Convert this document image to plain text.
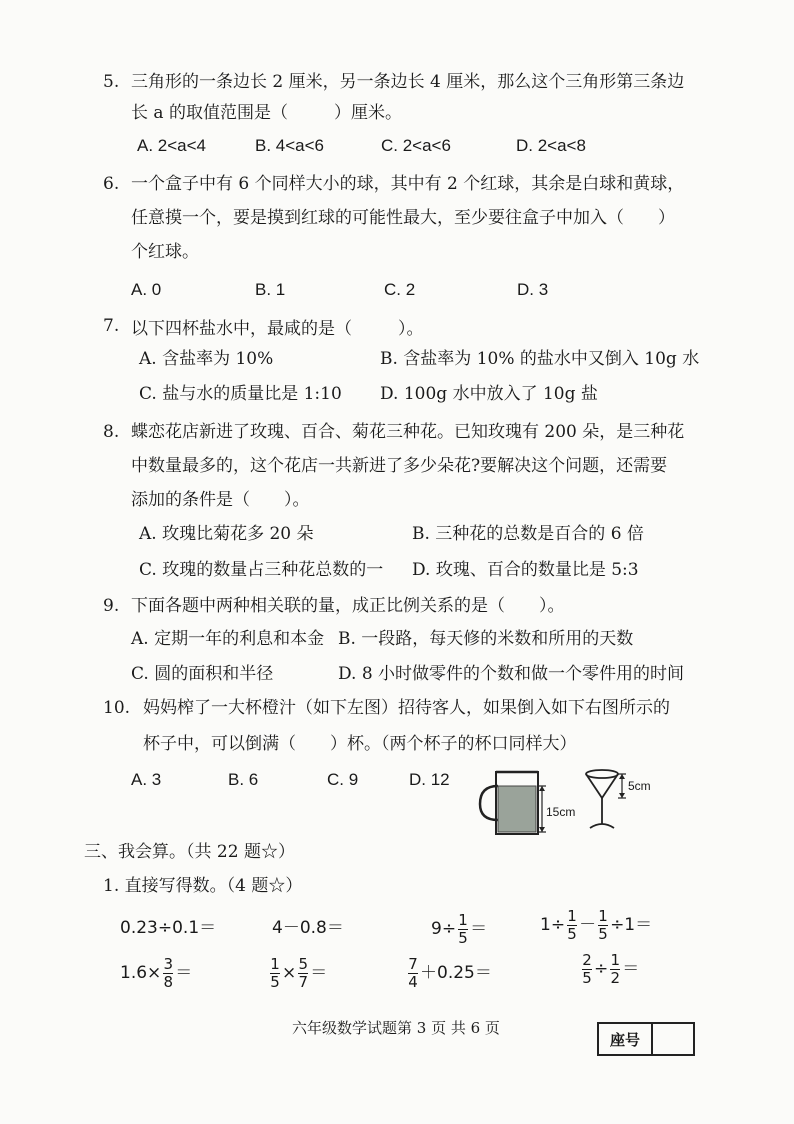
5. 三角形的一条边长 2 厘米，另一条边长 4 厘米，那么这个三角形第三条边
长 a 的取值范围是（	）厘米。
A. 2<a<4	B. 4<a<6	C. 2<a<6	D. 2<a<8
6. 一个盒子中有 6 个同样大小的球，其中有 2 个红球，其余是白球和黄球，
任意摸一个，要是摸到红球的可能性最大，至少要往盒子中加入（　　）
个红球。
A. 0	B. 1	C. 2	D. 3
7. 以下四杯盐水中，最咸的是（	）。
A. 含盐率为 10%	B. 含盐率为 10% 的盐水中又倒入 10g 水
C. 盐与水的质量比是 1:10 D. 100g 水中放入了 10g 盐
8. 蝶恋花店新进了玫瑰、百合、菊花三种花。已知玫瑰有 200 朵，是三种花
中数量最多的，这个花店一共新进了多少朵花?要解决这个问题，还需要
添加的条件是（　　）。
A. 玫瑰比菊花多 20 朵	B. 三种花的总数是百合的 6 倍
C. 玫瑰的数量占三种花总数的一 D. 玫瑰、百合的数量比是 5:3
9. 下面各题中两种相关联的量，成正比例关系的是（　　）。
A. 定期一年的利息和本金 B. 一段路，每天修的米数和所用的天数
C. 圆的面积和半径	D. 8 小时做零件的个数和做一个零件用的时间
10. 妈妈榨了一大杯橙汁（如下左图）招待客人，如果倒入如下右图所示的
杯子中，可以倒满（　　）杯。（两个杯子的杯口同样大）
A. 3	B. 6	C. 9	D. 12
15cm
5cm
三、我会算。（共 22 题☆）
1. 直接写得数。（4 题☆）
0.23÷0.1＝	4－0.8＝	$9\div \frac{1}{5}$ ＝	$1\div \frac{1}{5} - \frac{1}{5} \div 1=$
$1.6\times \frac{3}{8}$ ＝	$\frac{1}{5} \times \frac{5}{7}$ ＝	$\frac{7}{4} +0.25=$	$\frac{2}{5} \div \frac{1}{2}$ ＝
六年级数学试题第 3 页 共 6 页
座号
